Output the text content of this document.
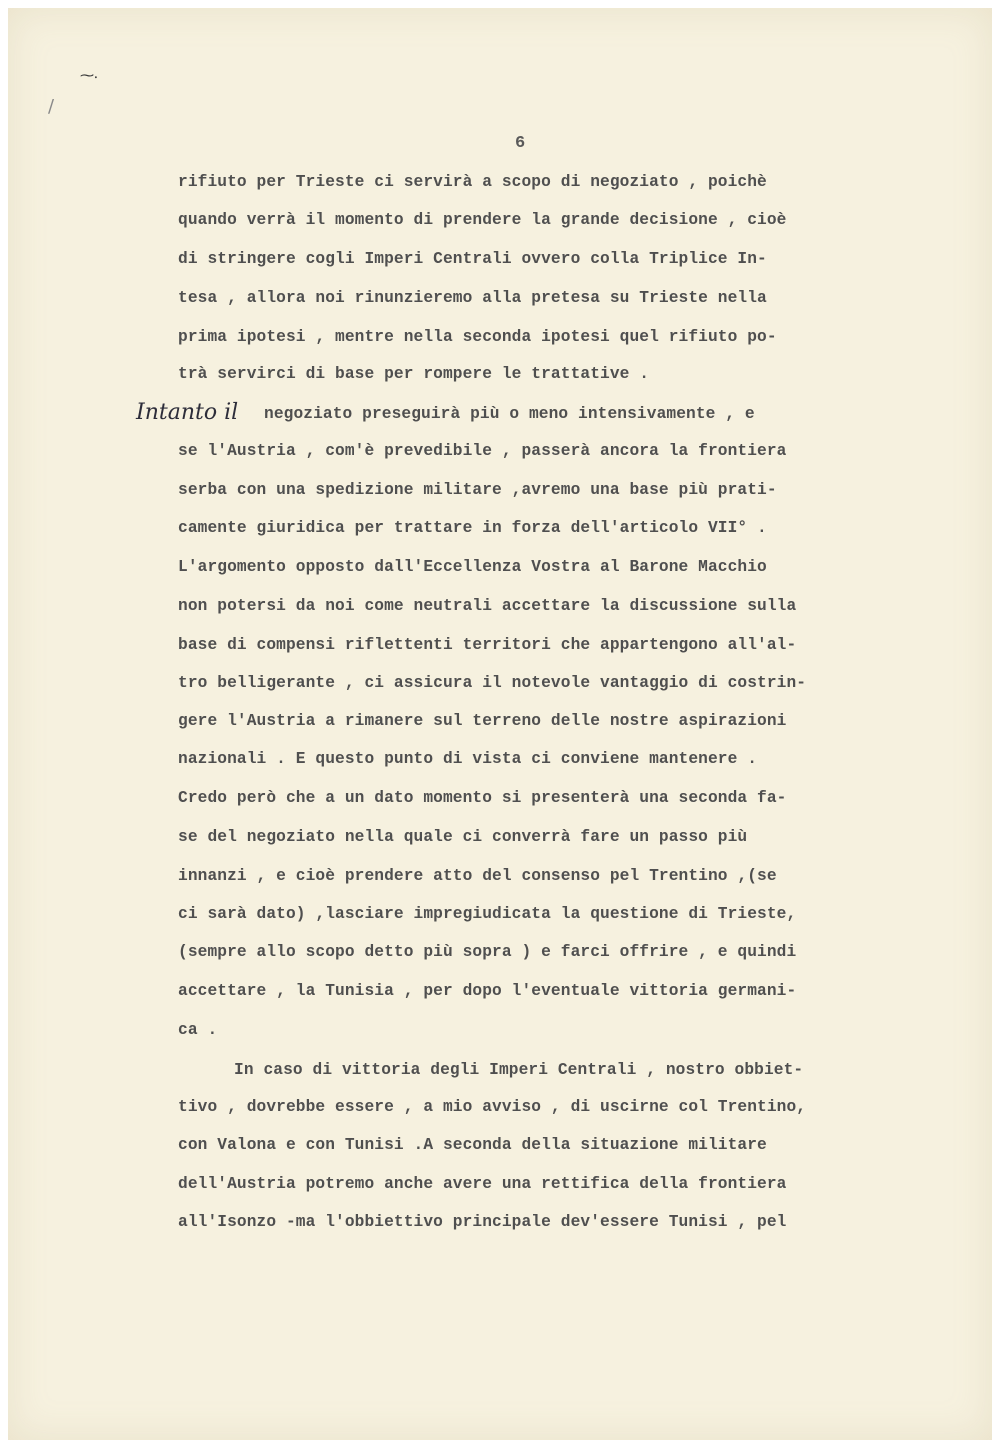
⁓⸳
/
6
Intanto il
rifiuto per Trieste ci servirà a scopo di negoziato , poichè
quando verrà il momento di prendere la grande decisione , cioè
di stringere cogli Imperi Centrali ovvero colla Triplice In-
tesa , allora noi rinunzieremo alla pretesa su Trieste nella
prima ipotesi , mentre nella seconda ipotesi quel rifiuto po-
trà servirci di base per rompere le trattative .
negoziato preseguirà più o meno intensivamente , e
se l'Austria , com'è prevedibile , passerà ancora la frontiera
serba con una spedizione militare ,avremo una base più prati-
camente giuridica per trattare in forza dell'articolo VII° .
L'argomento opposto dall'Eccellenza Vostra al Barone Macchio
non potersi da noi come neutrali accettare la discussione sulla
base di compensi riflettenti territori che appartengono all'al-
tro belligerante , ci assicura il notevole vantaggio di costrin-
gere l'Austria a rimanere sul terreno delle nostre aspirazioni
nazionali . E questo punto di vista ci conviene mantenere .
Credo però che a un dato momento si presenterà una seconda fa-
se del negoziato nella quale ci converrà fare un passo più
innanzi , e cioè prendere atto del consenso pel Trentino ,(se
ci sarà dato) ,lasciare impregiudicata la questione di Trieste,
(sempre allo scopo detto più sopra ) e farci offrire , e quindi
accettare , la Tunisia , per dopo l'eventuale vittoria germani-
ca .
In caso di vittoria degli Imperi Centrali , nostro obbiet-
tivo , dovrebbe essere , a mio avviso , di uscirne col Trentino,
con Valona e con Tunisi .A seconda della situazione militare
dell'Austria potremo anche avere una rettifica della frontiera
all'Isonzo -ma l'obbiettivo principale dev'essere Tunisi , pel
